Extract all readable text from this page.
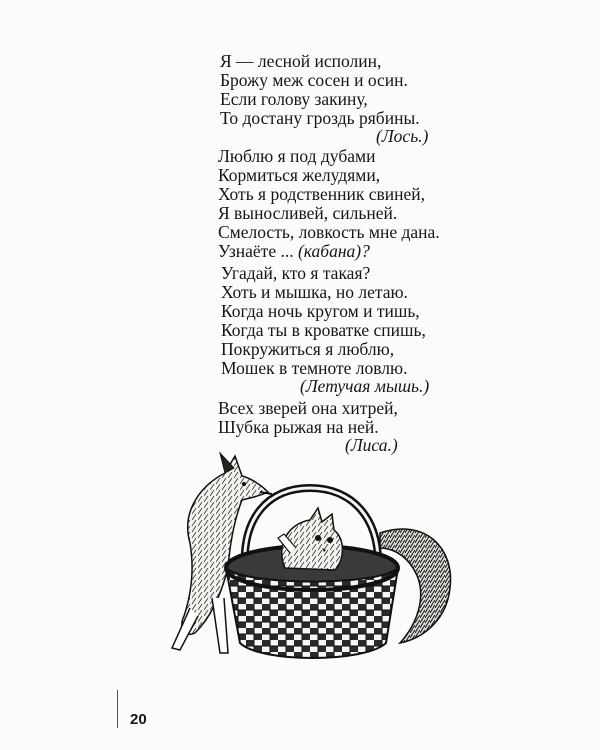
Я — лесной исполин,
Брожу меж сосен и осин.
Если голову закину,
То достану гроздь рябины.
(Лось.)
Люблю я под дубами
Кормиться желудями,
Хоть я родственник свиней,
Я выносливей, сильней.
Смелость, ловкость мне дана.
Узнаёте ... (кабана)?
Угадай, кто я такая?
Хоть и мышка, но летаю.
Когда ночь кругом и тишь,
Когда ты в кроватке спишь,
Покружиться я люблю,
Мошек в темноте ловлю.
(Летучая мышь.)
Всех зверей она хитрей,
Шубка рыжая на ней.
(Лиса.)
20
